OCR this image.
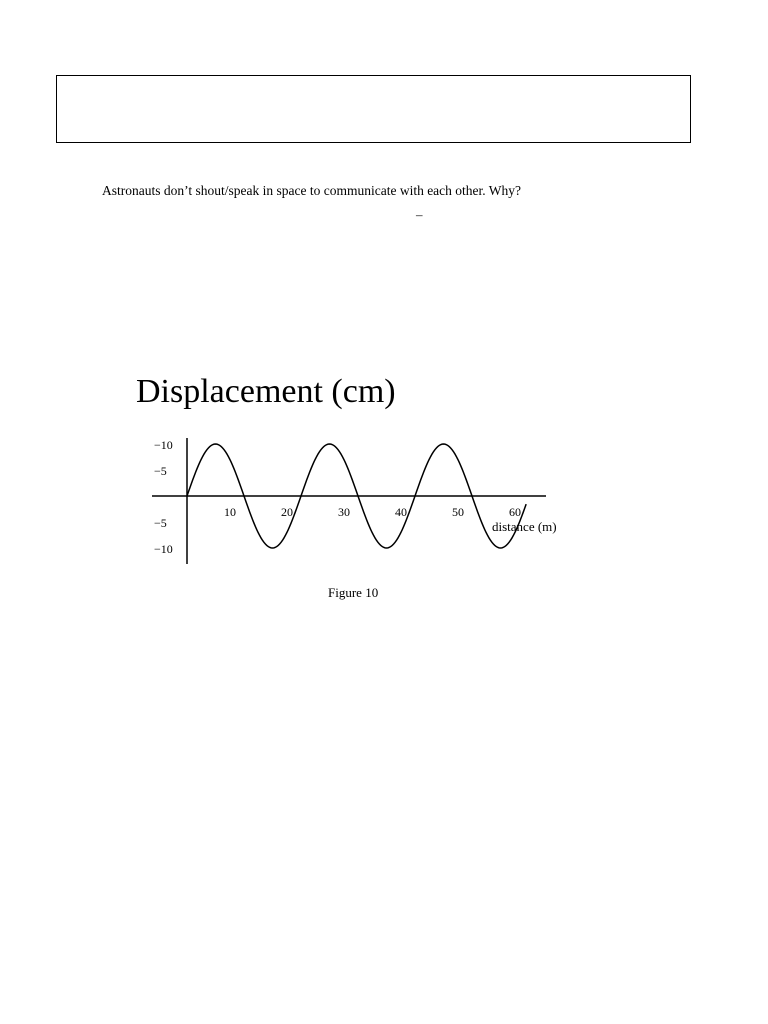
Astronauts don’t shout/speak in space to communicate with each other. Why?
–
Displacement (cm)
10	20	30	40	50	60
−10
−5
−5
−10
distance (m)
Figure 10
